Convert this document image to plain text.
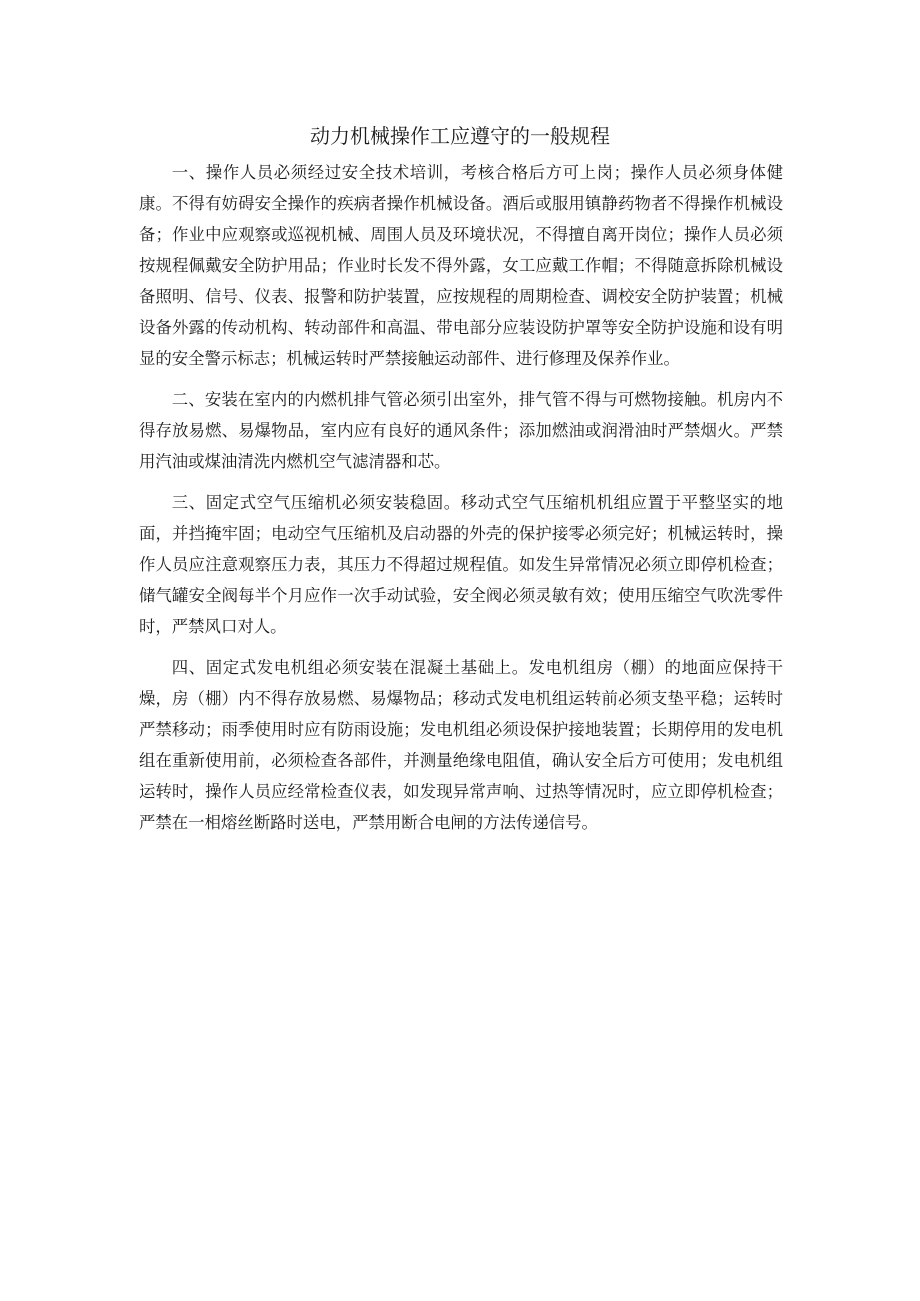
动力机械操作工应遵守的一般规程

一、操作人员必须经过安全技术培训，考核合格后方可上岗；操作人员必须身体健康。不得有妨碍安全操作的疾病者操作机械设备。酒后或服用镇静药物者不得操作机械设备；作业中应观察或巡视机械、周围人员及环境状况，不得擅自离开岗位；操作人员必须按规程佩戴安全防护用品；作业时长发不得外露，女工应戴工作帽；不得随意拆除机械设备照明、信号、仪表、报警和防护装置，应按规程的周期检查、调校安全防护装置；机械设备外露的传动机构、转动部件和高温、带电部分应装设防护罩等安全防护设施和设有明显的安全警示标志；机械运转时严禁接触运动部件、进行修理及保养作业。

二、安装在室内的内燃机排气管必须引出室外，排气管不得与可燃物接触。机房内不得存放易燃、易爆物品，室内应有良好的通风条件；添加燃油或润滑油时严禁烟火。严禁用汽油或煤油清洗内燃机空气滤清器和芯。

三、固定式空气压缩机必须安装稳固。移动式空气压缩机机组应置于平整坚实的地面，并挡掩牢固；电动空气压缩机及启动器的外壳的保护接零必须完好；机械运转时，操作人员应注意观察压力表，其压力不得超过规程值。如发生异常情况必须立即停机检查；储气罐安全阀每半个月应作一次手动试验，安全阀必须灵敏有效；使用压缩空气吹洗零件时，严禁风口对人。

四、固定式发电机组必须安装在混凝土基础上。发电机组房（棚）的地面应保持干燥，房（棚）内不得存放易燃、易爆物品；移动式发电机组运转前必须支垫平稳；运转时严禁移动；雨季使用时应有防雨设施；发电机组必须设保护接地装置；长期停用的发电机组在重新使用前，必须检查各部件，并测量绝缘电阻值，确认安全后方可使用；发电机组运转时，操作人员应经常检查仪表，如发现异常声响、过热等情况时，应立即停机检查；严禁在一相熔丝断路时送电，严禁用断合电闸的方法传递信号。
